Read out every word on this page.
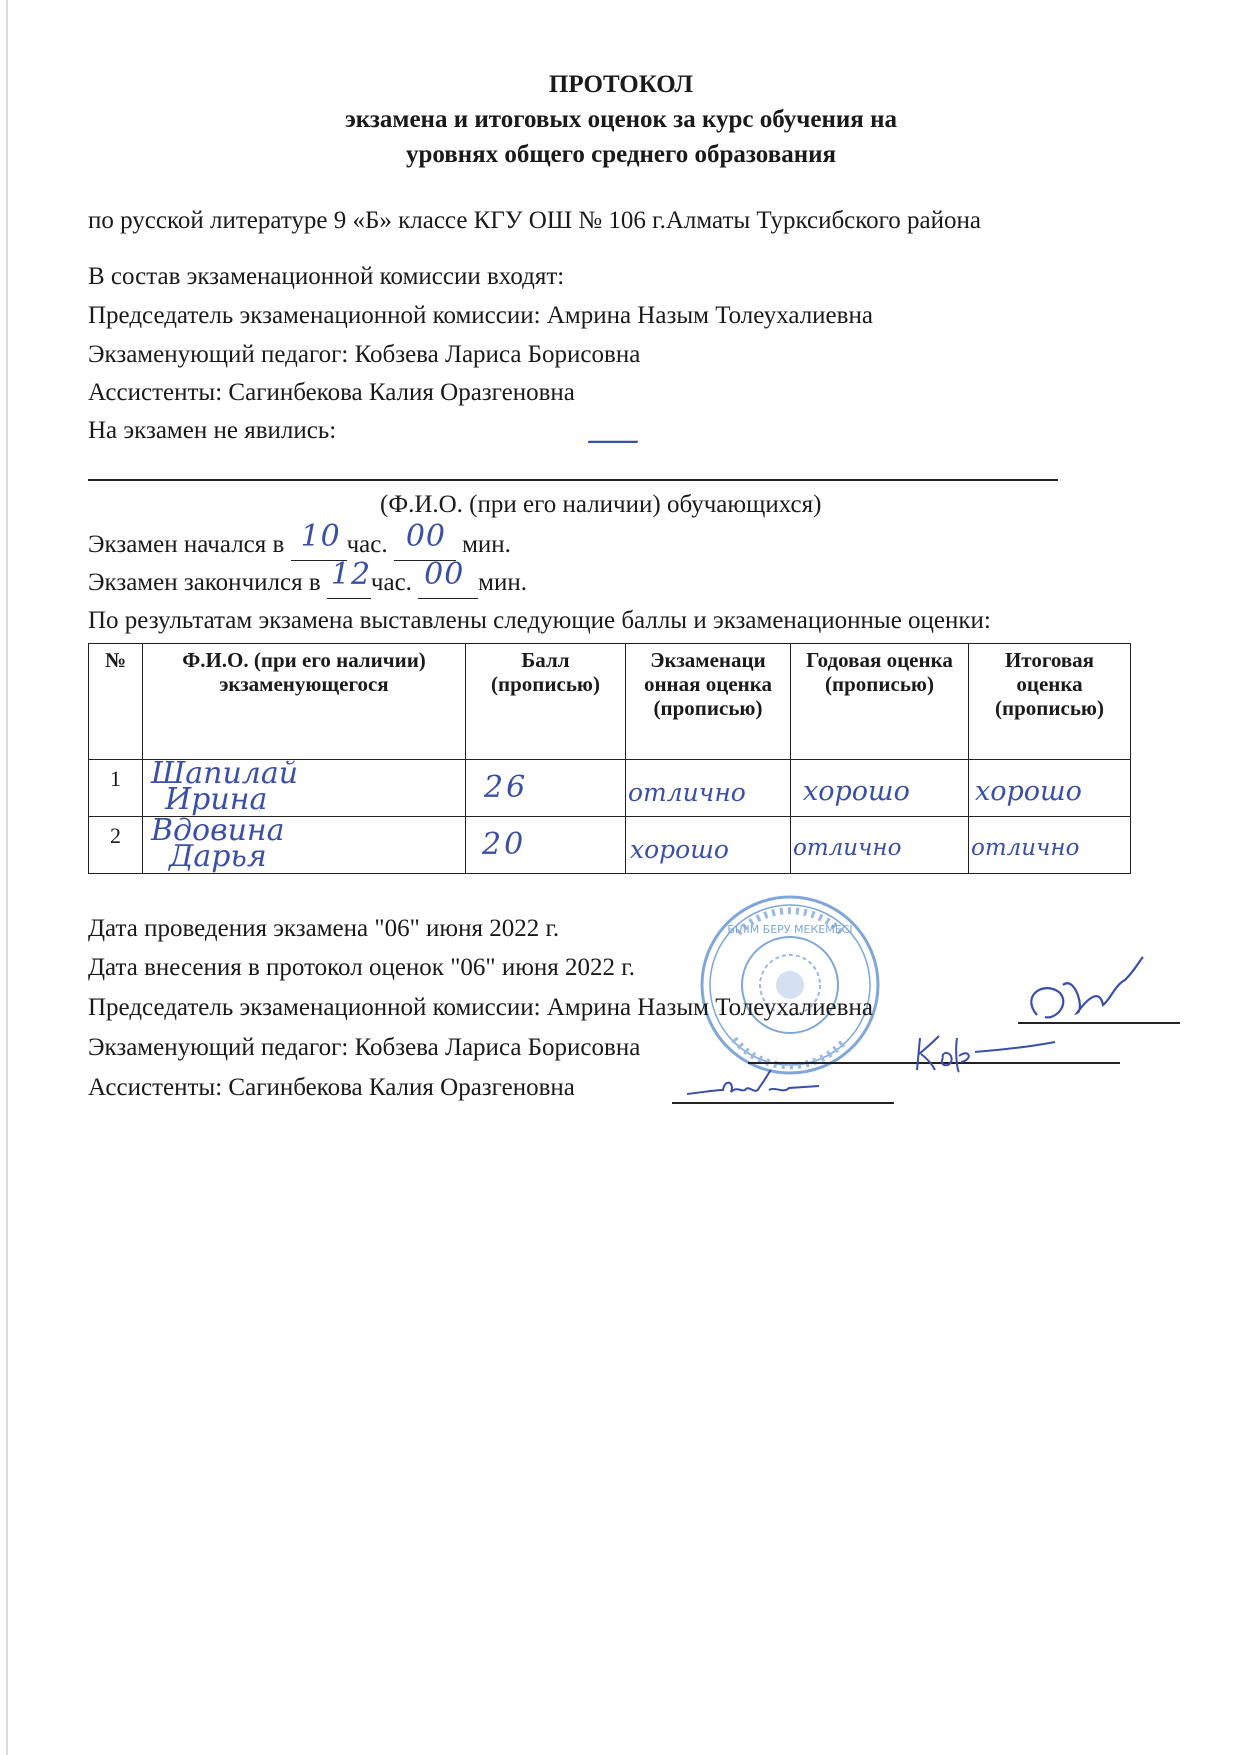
ПРОТОКОЛ
экзамена и итоговых оценок за курс обучения на
уровнях общего среднего образования
по русской литературе 9 «Б» классе КГУ ОШ № 106 г.Алматы Турксибского района
В состав экзаменационной комиссии входят:
Председатель экзаменационной комиссии: Амрина Назым Толеухалиевна
Экзаменующий педагог: Кобзева Лариса Борисовна
Ассистенты: Сагинбекова Калия Оразгеновна
На экзамен не явились:	—
(Ф.И.О. (при его наличии) обучающихся)
Экзамен начался в 10 час. 00 мин.
Экзамен закончился в 12 час. 00 мин.
По результатам экзамена выставлены следующие баллы и экзаменационные оценки:
№	Ф.И.О. (при его наличии) экзаменующегося	Балл (прописью)	Экзаменаци онная оценка (прописью)	Годовая оценка (прописью)	Итоговая оценка (прописью)
1	Шапилай
Ирина	26	отлично	хорошо	хорошо

2	Вдовина
Дарья	20	хорошо	отлично	отлично
БІЛІМ БЕРУ МЕКЕМЕСІ
Дата проведения экзамена "06" июня 2022 г.
Дата внесения в протокол оценок "06" июня 2022 г.
Председатель экзаменационной комиссии: Амрина Назым Толеухалиевна
Экзаменующий педагог: Кобзева Лариса Борисовна
Ассистенты: Сагинбекова Калия Оразгеновна
